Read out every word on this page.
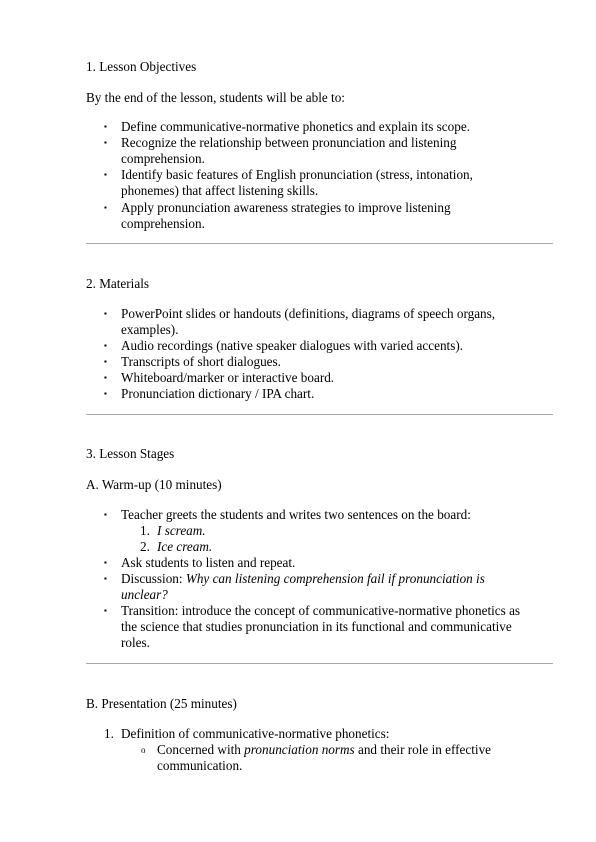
1. Lesson Objectives
By the end of the lesson, students will be able to:
▪ Define communicative-normative phonetics and explain its scope.
▪ Recognize the relationship between pronunciation and listening
comprehension.
▪ Identify basic features of English pronunciation (stress, intonation,
phonemes) that affect listening skills.
▪ Apply pronunciation awareness strategies to improve listening
comprehension.
2. Materials
▪ PowerPoint slides or handouts (definitions, diagrams of speech organs,
examples).
▪ Audio recordings (native speaker dialogues with varied accents).
▪ Transcripts of short dialogues.
▪ Whiteboard/marker or interactive board.
▪ Pronunciation dictionary / IPA chart.
3. Lesson Stages
A. Warm-up (10 minutes)
▪ Teacher greets the students and writes two sentences on the board:
1. I scream.
2. Ice cream.
▪ Ask students to listen and repeat.
▪ Discussion: Why can listening comprehension fail if pronunciation is
unclear?
▪ Transition: introduce the concept of communicative-normative phonetics as
the science that studies pronunciation in its functional and communicative
roles.
B. Presentation (25 minutes)
1. Definition of communicative-normative phonetics:
o Concerned with pronunciation norms and their role in effective
communication.
